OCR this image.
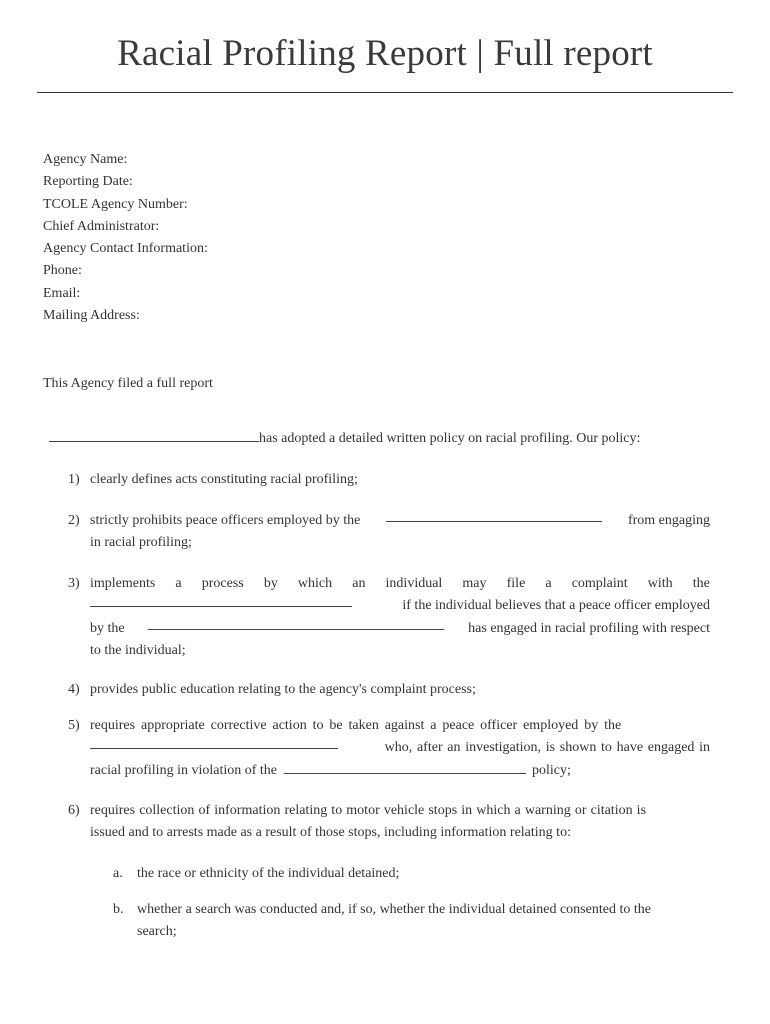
Racial Profiling Report | Full report
Agency Name:
Reporting Date:
TCOLE Agency Number:
Chief Administrator:
Agency Contact Information:
Phone:
Email:
Mailing Address:
This Agency filed a full report
has adopted a detailed written policy on racial profiling. Our policy:
1) clearly defines acts constituting racial profiling;
2) strictly prohibits peace officers employed by the	from engaging
in racial profiling;
3) implements a process by which an individual may file a complaint with the
if the individual believes that a peace officer employed
by the	has engaged in racial profiling with respect
to the individual;
4) provides public education relating to the agency's complaint process;
5) requires appropriate corrective action to be taken against a peace officer employed by the
who, after an investigation, is shown to have engaged in
racial profiling in violation of the	policy;
6) requires collection of information relating to motor vehicle stops in which a warning or citation is
issued and to arrests made as a result of those stops, including information relating to:
a. the race or ethnicity of the individual detained;
b. whether a search was conducted and, if so, whether the individual detained consented to the
search;
